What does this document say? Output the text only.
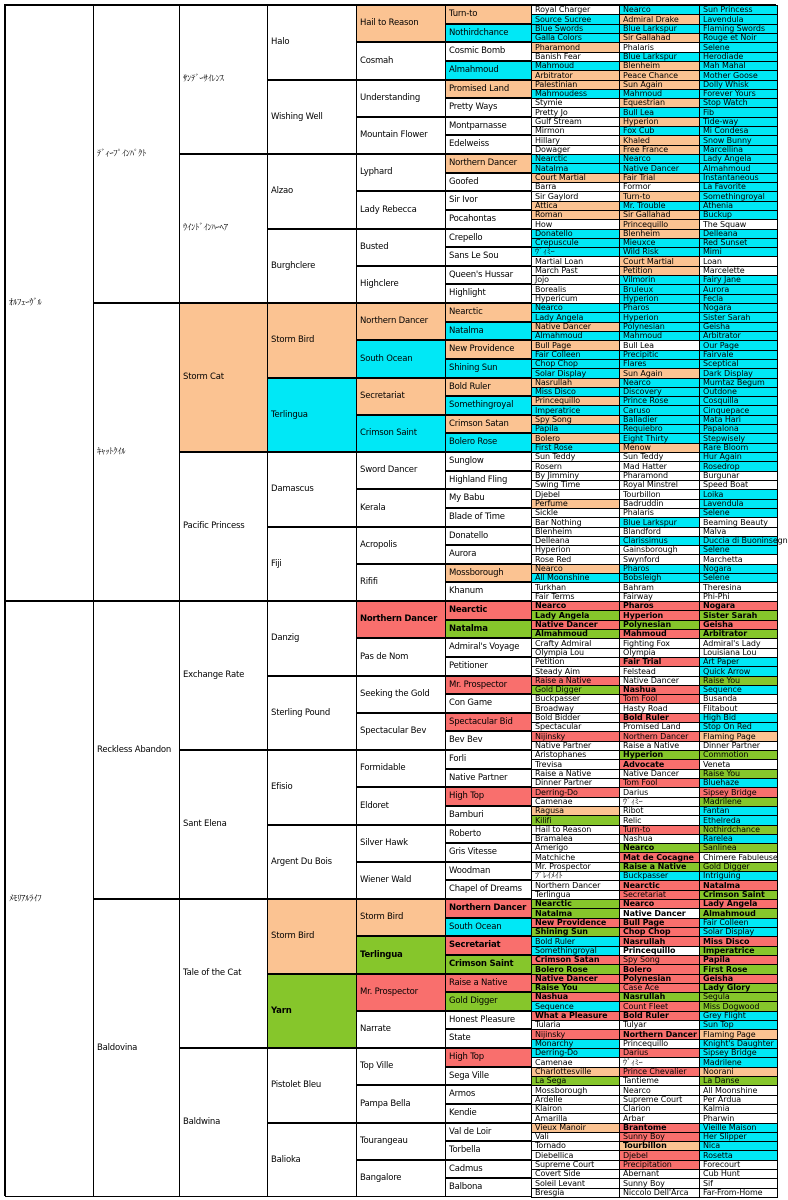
ｵﾙﾌｪｰｳﾞﾙ
ﾒﾓﾘｱﾙﾗｲﾌ
ﾃﾞｨｰﾌﾟｲﾝﾊﾟｸﾄ
ｷｬｯﾄｸｲﾙ
Reckless Abandon
Baldovina
ｻﾝﾃﾞｰｻｲﾚﾝｽ
ｳｲﾝﾄﾞｲﾝﾊｰﾍｱ
Storm Cat
Pacific Princess
Exchange Rate
Sant Elena
Tale of the Cat
Baldwina
Halo
Wishing Well
Alzao
Burghclere
Storm Bird
Terlingua
Damascus
Fiji
Danzig
Sterling Pound
Efisio
Argent Du Bois
Storm Bird
Yarn
Pistolet Bleu
Balioka
Hail to Reason
Cosmah
Understanding
Mountain Flower
Lyphard
Lady Rebecca
Busted
Highclere
Northern Dancer
South Ocean
Secretariat
Crimson Saint
Sword Dancer
Kerala
Acropolis
Rififi
Northern Dancer
Pas de Nom
Seeking the Gold
Spectacular Bev
Formidable
Eldoret
Silver Hawk
Wiener Wald
Storm Bird
Terlingua
Mr. Prospector
Narrate
Top Ville
Pampa Bella
Tourangeau
Bangalore
Turn-to
Nothirdchance
Cosmic Bomb
Almahmoud
Promised Land
Pretty Ways
Montparnasse
Edelweiss
Northern Dancer
Goofed
Sir Ivor
Pocahontas
Crepello
Sans Le Sou
Queen's Hussar
Highlight
Nearctic
Natalma
New Providence
Shining Sun
Bold Ruler
Somethingroyal
Crimson Satan
Bolero Rose
Sunglow
Highland Fling
My Babu
Blade of Time
Donatello
Aurora
Mossborough
Khanum
Nearctic
Natalma
Admiral's Voyage
Petitioner
Mr. Prospector
Con Game
Spectacular Bid
Bev Bev
Forli
Native Partner
High Top
Bamburi
Roberto
Gris Vitesse
Woodman
Chapel of Dreams
Northern Dancer
South Ocean
Secretariat
Crimson Saint
Raise a Native
Gold Digger
Honest Pleasure
State
High Top
Sega Ville
Armos
Kendie
Val de Loir
Torbella
Cadmus
Balbona
Royal Charger
Source Sucree
Blue Swords
Galla Colors
Pharamond
Banish Fear
Mahmoud
Arbitrator
Palestinian
Mahmoudess
Stymie
Pretty Jo
Gulf Stream
Mirmon
Hillary
Dowager
Nearctic
Natalma
Court Martial
Barra
Sir Gaylord
Attica
Roman
How
Donatello
Crepuscule
ｳﾞｨﾐｰ
Martial Loan
March Past
Jojo
Borealis
Hypericum
Nearco
Lady Angela
Native Dancer
Almahmoud
Bull Page
Fair Colleen
Chop Chop
Solar Display
Nasrullah
Miss Disco
Princequillo
Imperatrice
Spy Song
Papila
Bolero
First Rose
Sun Teddy
Rosern
By Jimminy
Swing Time
Djebel
Perfume
Sickle
Bar Nothing
Blenheim
Delleana
Hyperion
Rose Red
Nearco
All Moonshine
Turkhan
Fair Terms
Nearco
Lady Angela
Native Dancer
Almahmoud
Crafty Admiral
Olympia Lou
Petition
Steady Aim
Raise a Native
Gold Digger
Buckpasser
Broadway
Bold Bidder
Spectacular
Nijinsky
Native Partner
Aristophanes
Trevisa
Raise a Native
Dinner Partner
Derring-Do
Camenae
Ragusa
Kilifi
Hail to Reason
Bramalea
Amerigo
Matchiche
Mr. Prospector
ﾌﾟﾚｲﾒｲﾄ
Northern Dancer
Terlingua
Nearctic
Natalma
New Providence
Shining Sun
Bold Ruler
Somethingroyal
Crimson Satan
Bolero Rose
Native Dancer
Raise You
Nashua
Sequence
What a Pleasure
Tularia
Nijinsky
Monarchy
Derring-Do
Camenae
Charlottesville
La Sega
Mossborough
Ardelle
Klairon
Amarilla
Vieux Manoir
Vali
Tornado
Diebellica
Supreme Court
Covert Side
Soleil Levant
Bresgia
Nearco
Admiral Drake
Blue Larkspur
Sir Gallahad
Phalaris
Blue Larkspur
Blenheim
Peace Chance
Sun Again
Mahmoud
Equestrian
Bull Lea
Hyperion
Fox Cub
Khaled
Free France
Nearco
Native Dancer
Fair Trial
Formor
Turn-to
Mr. Trouble
Sir Gallahad
Princequillo
Blenheim
Mieuxce
Wild Risk
Court Martial
Petition
Vilmorin
Bruleux
Hyperion
Pharos
Hyperion
Polynesian
Mahmoud
Bull Lea
Precipitic
Flares
Sun Again
Nearco
Discovery
Prince Rose
Caruso
Balladier
Requiebro
Eight Thirty
Menow
Sun Teddy
Mad Hatter
Pharamond
Royal Minstrel
Tourbillon
Badruddin
Phalaris
Blue Larkspur
Blandford
Clarissimus
Gainsborough
Swynford
Pharos
Bobsleigh
Bahram
Fairway
Pharos
Hyperion
Polynesian
Mahmoud
Fighting Fox
Olympia
Fair Trial
Felstead
Native Dancer
Nashua
Tom Fool
Hasty Road
Bold Ruler
Promised Land
Northern Dancer
Raise a Native
Hyperion
Advocate
Native Dancer
Tom Fool
Darius
ｳﾞｨﾐｰ
Ribot
Relic
Turn-to
Nashua
Nearco
Mat de Cocagne
Raise a Native
Buckpasser
Nearctic
Secretariat
Nearco
Native Dancer
Bull Page
Chop Chop
Nasrullah
Princequillo
Spy Song
Bolero
Polynesian
Case Ace
Nasrullah
Count Fleet
Bold Ruler
Tulyar
Northern Dancer
Princequillo
Darius
ｳﾞｨﾐｰ
Prince Chevalier
Tantieme
Nearco
Supreme Court
Clarion
Arbar
Brantome
Sunny Boy
Tourbillon
Djebel
Precipitation
Abernant
Sunny Boy
Niccolo Dell'Arca
Sun Princess
Lavendula
Flaming Swords
Rouge et Noir
Selene
Herodiade
Mah Mahal
Mother Goose
Dolly Whisk
Forever Yours
Stop Watch
Fib
Tide-way
Mi Condesa
Snow Bunny
Marcellina
Lady Angela
Almahmoud
Instantaneous
La Favorite
Somethingroyal
Athenia
Buckup
The Squaw
Delleana
Red Sunset
Mimi
Loan
Marcelette
Fairy Jane
Aurora
Fecla
Nogara
Sister Sarah
Geisha
Arbitrator
Our Page
Fairvale
Sceptical
Dark Display
Mumtaz Begum
Outdone
Cosquilla
Cinquepace
Mata Hari
Papalona
Stepwisely
Rare Bloom
Hur Again
Rosedrop
Burgunar
Speed Boat
Loika
Lavendula
Selene
Beaming Beauty
Malva
Duccia di Buoninsegn
Selene
Marchetta
Nogara
Selene
Theresina
Phi-Phi
Nogara
Sister Sarah
Geisha
Arbitrator
Admiral's Lady
Louisiana Lou
Art Paper
Quick Arrow
Raise You
Sequence
Busanda
Flitabout
High Bid
Stop On Red
Flaming Page
Dinner Partner
Commotion
Veneta
Raise You
Bluehaze
Sipsey Bridge
Madrilene
Fantan
Ethelreda
Nothirdchance
Rarelea
Sanlinea
Chimere Fabuleuse
Gold Digger
Intriguing
Natalma
Crimson Saint
Lady Angela
Almahmoud
Fair Colleen
Solar Display
Miss Disco
Imperatrice
Papila
First Rose
Geisha
Lady Glory
Segula
Miss Dogwood
Grey Flight
Sun Top
Flaming Page
Knight's Daughter
Sipsey Bridge
Madrilene
Noorani
La Danse
All Moonshine
Per Ardua
Kalmia
Pharwin
Vieille Maison
Her Slipper
Nica
Rosetta
Forecourt
Cub Hunt
Sif
Far-From-Home
